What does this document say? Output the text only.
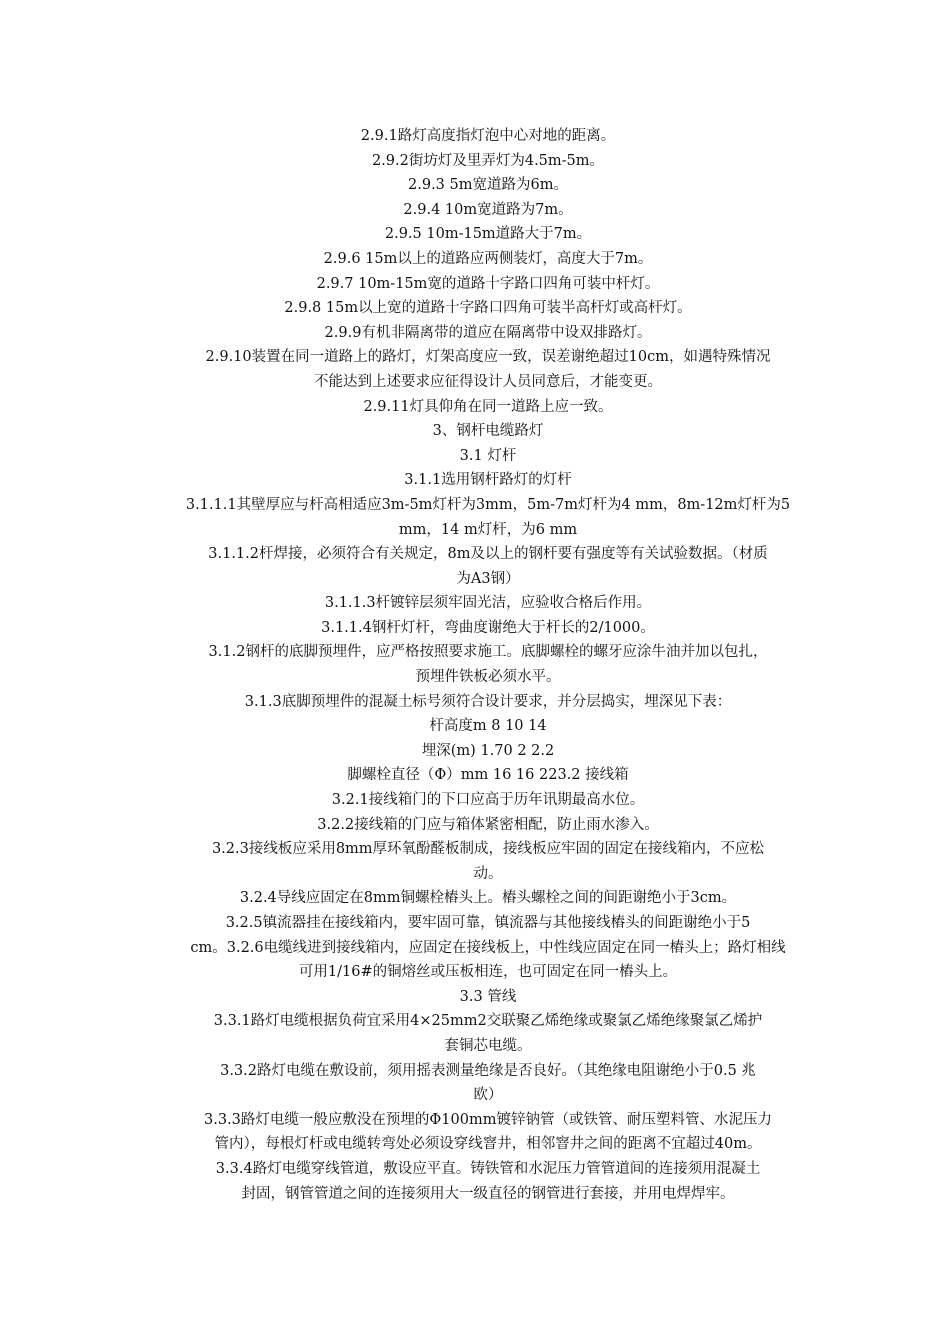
2.9.1路灯高度指灯泡中心对地的距离。
2.9.2街坊灯及里弄灯为4.5m-5m。
2.9.3 5m宽道路为6m。
2.9.4 10m宽道路为7m。
2.9.5 10m-15m道路大于7m。
2.9.6 15m以上的道路应两侧装灯，高度大于7m。
2.9.7 10m-15m宽的道路十字路口四角可装中杆灯。
2.9.8 15m以上宽的道路十字路口四角可装半高杆灯或高杆灯。
2.9.9有机非隔离带的道应在隔离带中设双排路灯。
2.9.10装置在同一道路上的路灯，灯架高度应一致，误差谢绝超过10cm，如遇特殊情况
不能达到上述要求应征得设计人员同意后，才能变更。
2.9.11灯具仰角在同一道路上应一致。
3、钢杆电缆路灯
3.1 灯杆
3.1.1选用钢杆路灯的灯杆
3.1.1.1其壁厚应与杆高相适应3m-5m灯杆为3mm，5m-7m灯杆为4 mm，8m-12m灯杆为5
mm，14 m灯杆，为6 mm
3.1.1.2杆焊接，必须符合有关规定，8m及以上的钢杆要有强度等有关试验数据。（材质
为A3钢）
3.1.1.3杆镀锌层须牢固光洁，应验收合格后作用。
3.1.1.4钢杆灯杆，弯曲度谢绝大于杆长的2/1000。
3.1.2钢杆的底脚预埋件，应严格按照要求施工。底脚螺栓的螺牙应涂牛油并加以包扎，
预埋件铁板必须水平。
3.1.3底脚预埋件的混凝土标号须符合设计要求，并分层捣实，埋深见下表：
杆高度m 8 10 14
埋深(m) 1.70 2 2.2
脚螺栓直径（Φ）mm 16 16 223.2 接线箱
3.2.1接线箱门的下口应高于历年讯期最高水位。
3.2.2接线箱的门应与箱体紧密相配，防止雨水渗入。
3.2.3接线板应采用8mm厚环氧酚醛板制成，接线板应牢固的固定在接线箱内，不应松
动。
3.2.4导线应固定在8mm铜螺栓樁头上。樁头螺栓之间的间距谢绝小于3cm。
3.2.5镇流器挂在接线箱内，要牢固可靠，镇流器与其他接线樁头的间距谢绝小于5
cm。3.2.6电缆线进到接线箱内，应固定在接线板上，中性线应固定在同一樁头上；路灯相线
可用1/16#的铜熔丝或压板相连，也可固定在同一樁头上。
3.3 管线
3.3.1路灯电缆根据负荷宜采用4×25mm2交联聚乙烯绝缘或聚氯乙烯绝缘聚氯乙烯护
套铜芯电缆。
3.3.2路灯电缆在敷设前，须用摇表测量绝缘是否良好。（其绝缘电阻谢绝小于0.5 兆
欧）
3.3.3路灯电缆一般应敷没在预埋的Φ100mm镀锌钠管（或铁管、耐压塑料管、水泥压力
管内），每根灯杆或电缆转弯处必须设穿线窨井，相邻窨井之间的距离不宜超过40m。
3.3.4路灯电缆穿线管道，敷设应平直。铸铁管和水泥压力管管道间的连接须用混凝土
封固，钢管管道之间的连接须用大一级直径的钢管进行套接，并用电焊焊牢。
